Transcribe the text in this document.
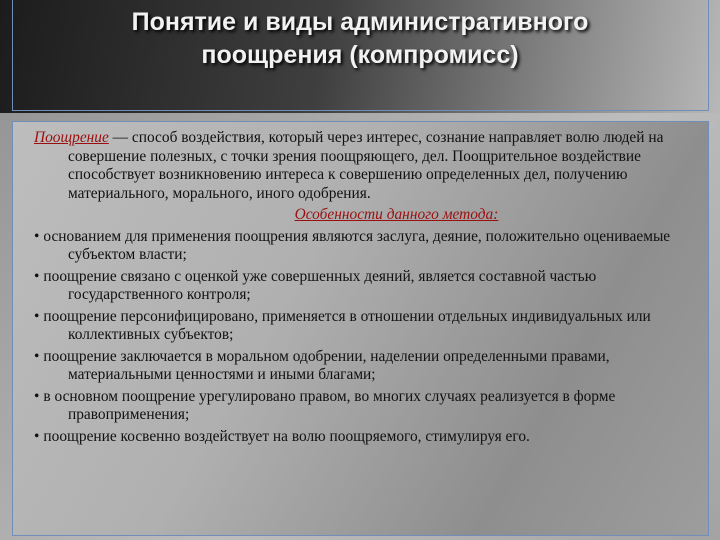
Понятие и виды административного
поощрения (компромисс)

Поощрение — способ воздействия, который через интерес, сознание направляет волю людей на совершение полезных, с точки зрения поощряющего, дел. Поощрительное воздействие способствует возникновению интереса к совершению определенных дел, получению материального, морального, иного одобрения.

Особенности данного метода:

• основанием для применения поощрения являются заслуга, деяние, положительно оцениваемые субъектом власти;

• поощрение связано с оценкой уже совершенных деяний, является составной частью государственного контроля;

• поощрение персонифицировано, применяется в отношении отдельных индивидуальных или коллективных субъектов;

• поощрение заключается в моральном одобрении, наделении определенными правами, материальными ценностями и иными благами;

• в основном поощрение урегулировано правом, во многих случаях реализуется в форме правоприменения;

• поощрение косвенно воздействует на волю поощряемого, стимулируя его.
